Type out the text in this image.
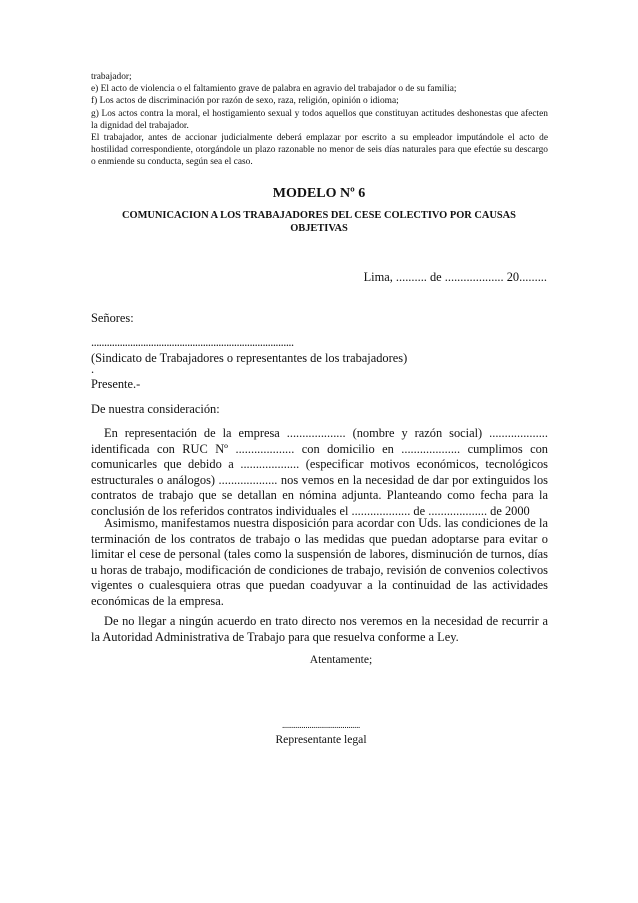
trabajador;

e) El acto de violencia o el faltamiento grave de palabra en agravio del trabajador o de su familia;

f) Los actos de discriminación por razón de sexo, raza, religión, opinión o idioma;

g) Los actos contra la moral, el hostigamiento sexual y todos aquellos que constituyan actitudes deshonestas que afecten la dignidad del trabajador.

El trabajador, antes de accionar judicialmente deberá emplazar por escrito a su empleador imputándole el acto de hostilidad correspondiente, otorgándole un plazo razonable no menor de seis días naturales para que efectúe su descargo o enmiende su conducta, según sea el caso.

MODELO Nº 6
COMUNICACION A LOS TRABAJADORES DEL CESE COLECTIVO POR CAUSAS OBJETIVAS
Lima, .......... de ................... 20.........
Señores:
..............................................................................
(Sindicato de Trabajadores o representantes de los trabajadores)
.
Presente.-
De nuestra consideración:

En representación de la empresa ................... (nombre y razón social) ................... identificada con RUC Nº ................... con domicilio en ................... cumplimos con comunicarles que debido a ................... (especificar motivos económicos, tecnológicos estructurales o análogos) ................... nos vemos en la necesidad de dar por extinguidos los contratos de trabajo que se detallan en nómina adjunta. Planteando como fecha para la conclusión de los referidos contratos individuales el ................... de ................... de 2000

Asimismo, manifestamos nuestra disposición para acordar con Uds. las condiciones de la terminación de los contratos de trabajo o las medidas que puedan adoptarse para evitar o limitar el cese de personal (tales como la suspensión de labores, disminución de turnos, días u horas de trabajo, modificación de condiciones de trabajo, revisión de convenios colectivos vigentes o cualesquiera otras que puedan coadyuvar a la continuidad de las actividades económicas de la empresa.

De no llegar a ningún acuerdo en trato directo nos veremos en la necesidad de recurrir a la Autoridad Administrativa de Trabajo para que resuelva conforme a Ley.

Atentamente;
........................................
Representante legal
